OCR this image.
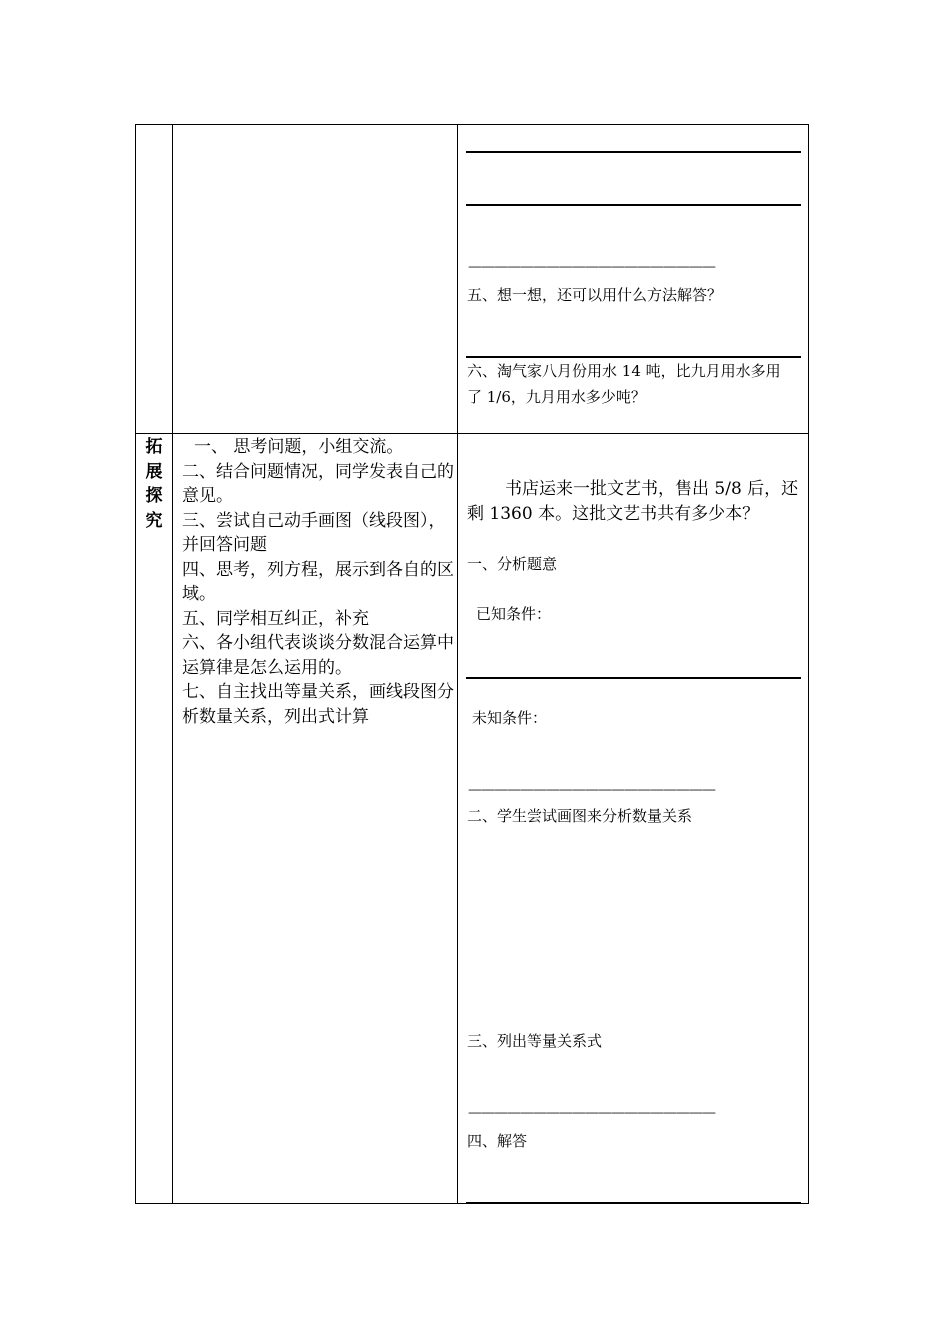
———————————————————
五、想一想，还可以用什么方法解答？
六、淘气家八月份用水 14 吨，比九月用水多用
了 1/6，九月用水多少吨？
拓
展
探
究
一、 思考问题，小组交流。
二、结合问题情况，同学发表自己的意见。
三、尝试自己动手画图（线段图），并回答问题
四、思考，列方程，展示到各自的区域。
五、同学相互纠正，补充
六、各小组代表谈谈分数混合运算中运算律是怎么运用的。
七、自主找出等量关系，画线段图分析数量关系，列出式计算
书店运来一批文艺书，售出 5/8 后，还剩 1360 本。这批文艺书共有多少本？
一、分析题意
已知条件：
未知条件：
———————————————————
二、学生尝试画图来分析数量关系
三、列出等量关系式
———————————————————
四、解答
